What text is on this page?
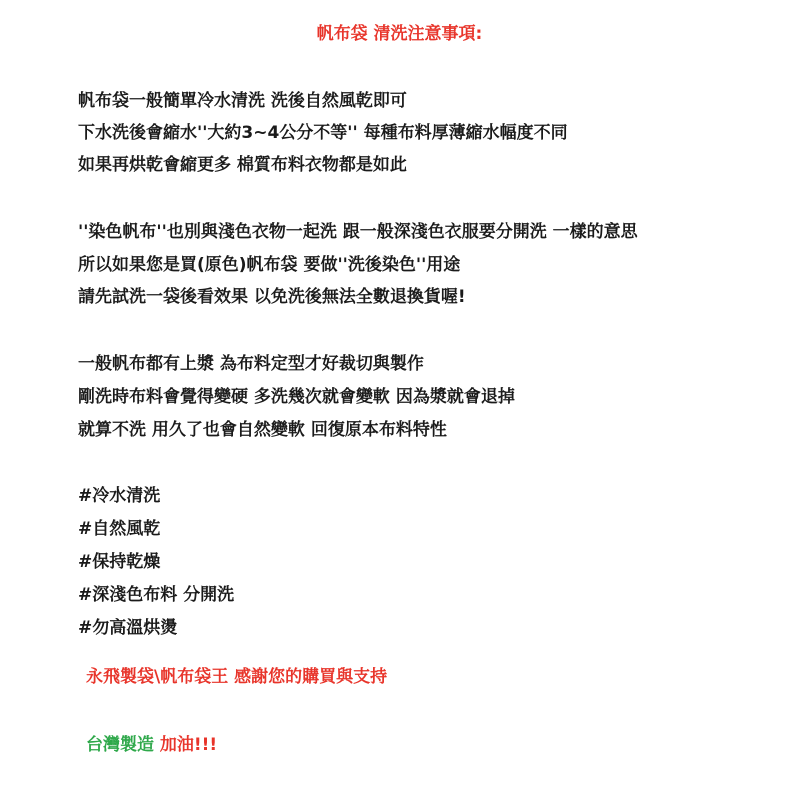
帆布袋 清洗注意事項:
帆布袋一般簡單冷水清洗 洗後自然風乾即可
下水洗後會縮水''大約3~4公分不等'' 每種布料厚薄縮水幅度不同
如果再烘乾會縮更多 棉質布料衣物都是如此
''染色帆布''也別與淺色衣物一起洗 跟一般深淺色衣服要分開洗 一樣的意思
所以如果您是買(原色)帆布袋 要做''洗後染色''用途
請先試洗一袋後看效果 以免洗後無法全數退換貨喔!
一般帆布都有上漿 為布料定型才好裁切與製作
剛洗時布料會覺得變硬 多洗幾次就會變軟 因為漿就會退掉
就算不洗 用久了也會自然變軟 回復原本布料特性
#冷水清洗
#自然風乾
#保持乾燥
#深淺色布料 分開洗
#勿高溫烘燙
永飛製袋\帆布袋王 感謝您的購買與支持
台灣製造 加油!!!
